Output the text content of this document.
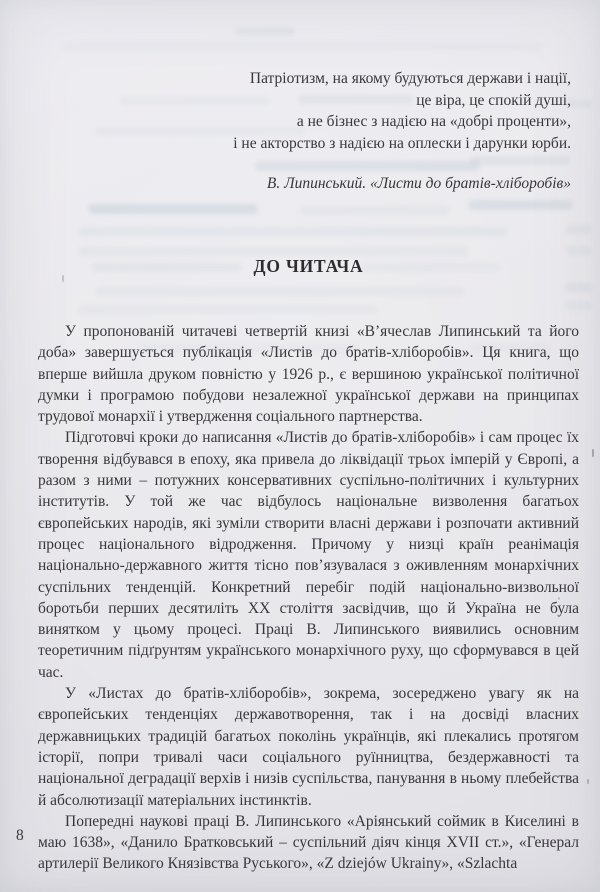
Патріотизм, на якому будуються держави і нації,
це віра, це спокій душі,
а не бізнес з надією на «добрі проценти»,
і не акторство з надією на оплески і дарунки юрби.
В. Липинський. «Листи до братів-хліборобів»
ДО ЧИТАЧА

У пропонованій читачеві четвертій книзі «В’ячеслав Липинський та його доба» завершується публікація «Листів до братів-хліборобів». Ця книга, що вперше вийшла друком повністю у 1926 р., є вершиною української політичної думки і програмою побудови незалежної української держави на принципах трудової монархії і утвердження соціального партнерства.

Підготовчі кроки до написання «Листів до братів-хліборобів» і сам процес їх творення відбувався в епоху, яка привела до ліквідації трьох імперій у Європі, а разом з ними – потужних консервативних суспільно-політичних і культурних інститутів. У той же час відбулось національне визволення багатьох європейських народів, які зуміли створити власні держави і розпочати активний процес національного відродження. Причому у низці країн реанімація національно-державного життя тісно пов’язувалася з оживленням монархічних суспільних тенденцій. Конкретний перебіг подій національно-визвольної боротьби перших десятиліть ХХ століття засвідчив, що й Україна не була винятком у цьому процесі. Праці В. Липинського виявились основним теоретичним підґрунтям українського монархічного руху, що сформувався в цей час.

У «Листах до братів-хліборобів», зокрема, зосереджено увагу як на європейських тенденціях державотворення, так і на досвіді власних державницьких традицій багатьох поколінь українців, які плекались протягом історії, попри тривалі часи соціального руїнництва, бездержавності та національної деградації верхів і низів суспільства, панування в ньому плебейства й абсолютизації матеріальних інстинктів.

Попередні наукові праці В. Липинського «Аріянський соймик в Киселині в маю 1638», «Данило Братковський – суспільний діяч кінця XVII ст.», «Генерал артилерії Великого Князівства Руського», «Z dziejów Ukrainy», «Szlachta

8
